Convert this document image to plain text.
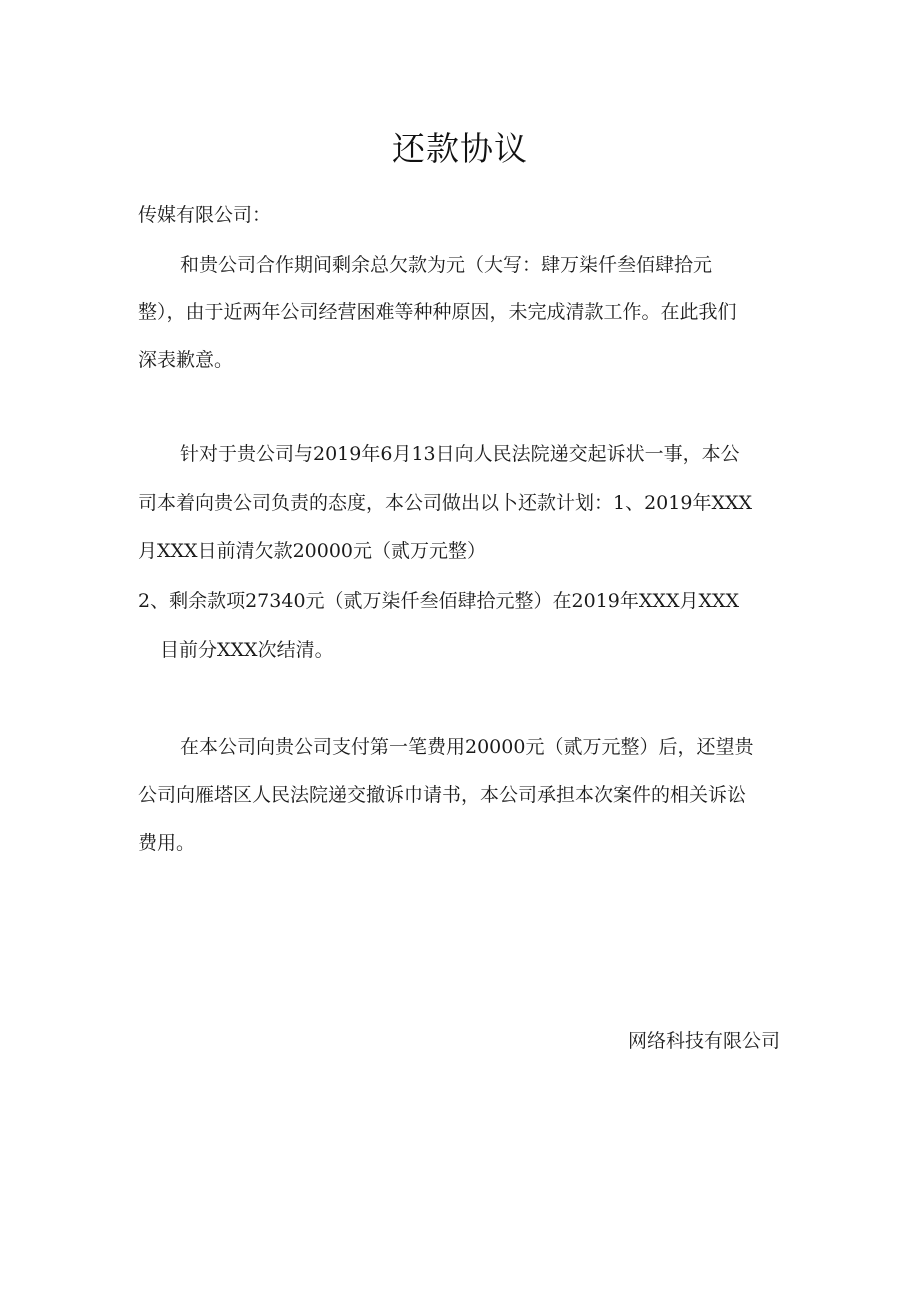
还款协议
传媒有限公司：
和贵公司合作期间剩余总欠款为元（大写：肆万柒仟叁佰肆拾元
整），由于近两年公司经营困难等种种原因，未完成清款工作。在此我们
深表歉意。
针对于贵公司与2019年6月13日向人民法院递交起诉状一事，本公
司本着向贵公司负责的态度，本公司做出以卜还款计划：1、2019年XXX
月XXX日前清欠款20000元（贰万元整）
2、剩余款项27340元（贰万柒仟叁佰肆拾元整）在2019年XXX月XXX
目前分XXX次结清。
在本公司向贵公司支付第一笔费用20000元（贰万元整）后，还望贵
公司向雁塔区人民法院递交撤诉巾请书，本公司承担本次案件的相关诉讼
费用。
网络科技有限公司
